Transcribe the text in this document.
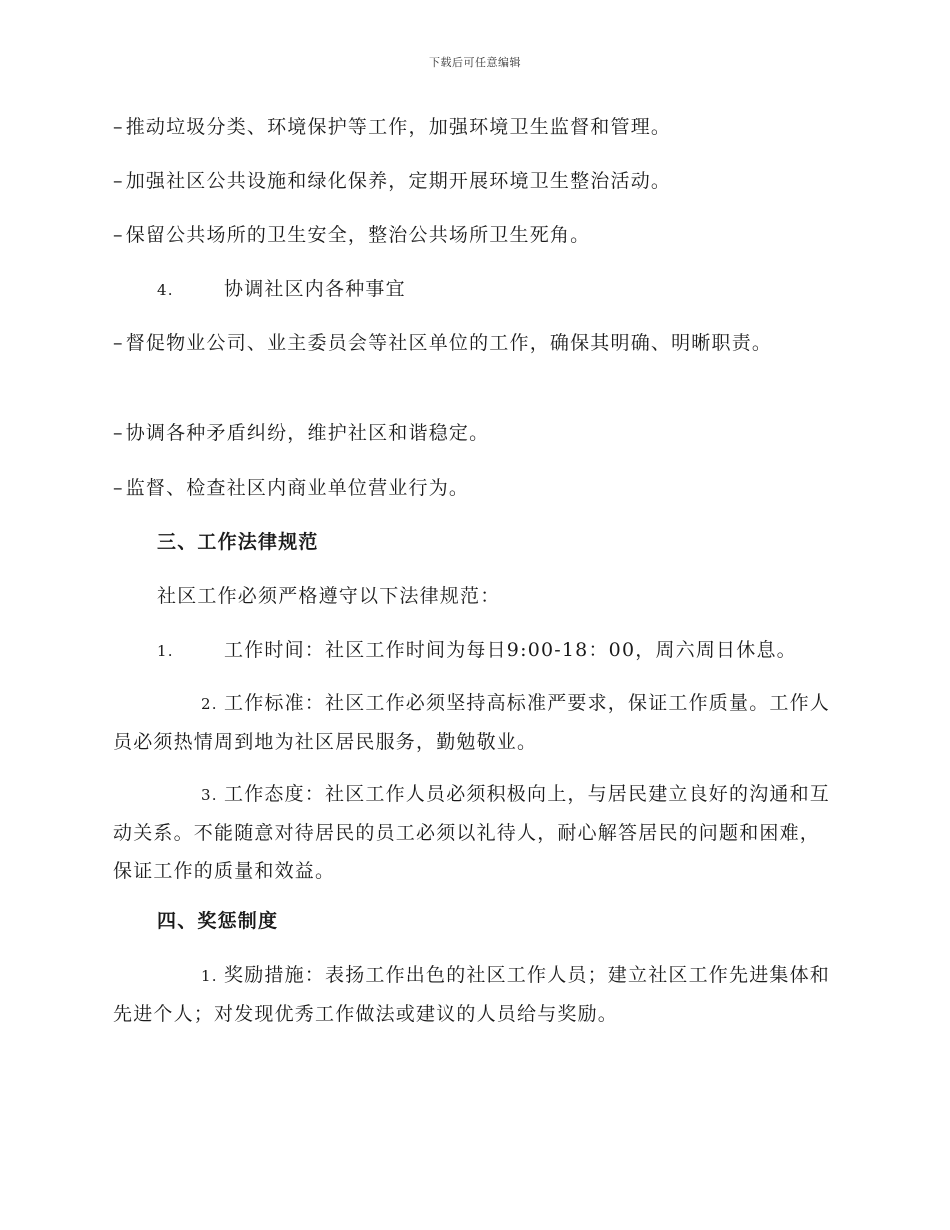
下载后可任意编辑
– 推动垃圾分类、环境保护等工作，加强环境卫生监督和管理。
– 加强社区公共设施和绿化保养，定期开展环境卫生整治活动。
– 保留公共场所的卫生安全，整治公共场所卫生死角。
4.	协调社区内各种事宜
– 督促物业公司、业主委员会等社区单位的工作，确保其明确、明晰职责。
– 协调各种矛盾纠纷，维护社区和谐稳定。
– 监督、检查社区内商业单位营业行为。
三、工作法律规范
社区工作必须严格遵守以下法律规范：
1.	工作时间：社区工作时间为每日9:00-18：00，周六周日休息。
2. 工作标准：社区工作必须坚持高标准严要求，保证工作质量。工作人员必须热情周到地为社区居民服务，勤勉敬业。
3. 工作态度：社区工作人员必须积极向上，与居民建立良好的沟通和互动关系。不能随意对待居民的员工必须以礼待人，耐心解答居民的问题和困难，保证工作的质量和效益。
四、奖惩制度
1. 奖励措施：表扬工作出色的社区工作人员；建立社区工作先进集体和先进个人；对发现优秀工作做法或建议的人员给与奖励。
